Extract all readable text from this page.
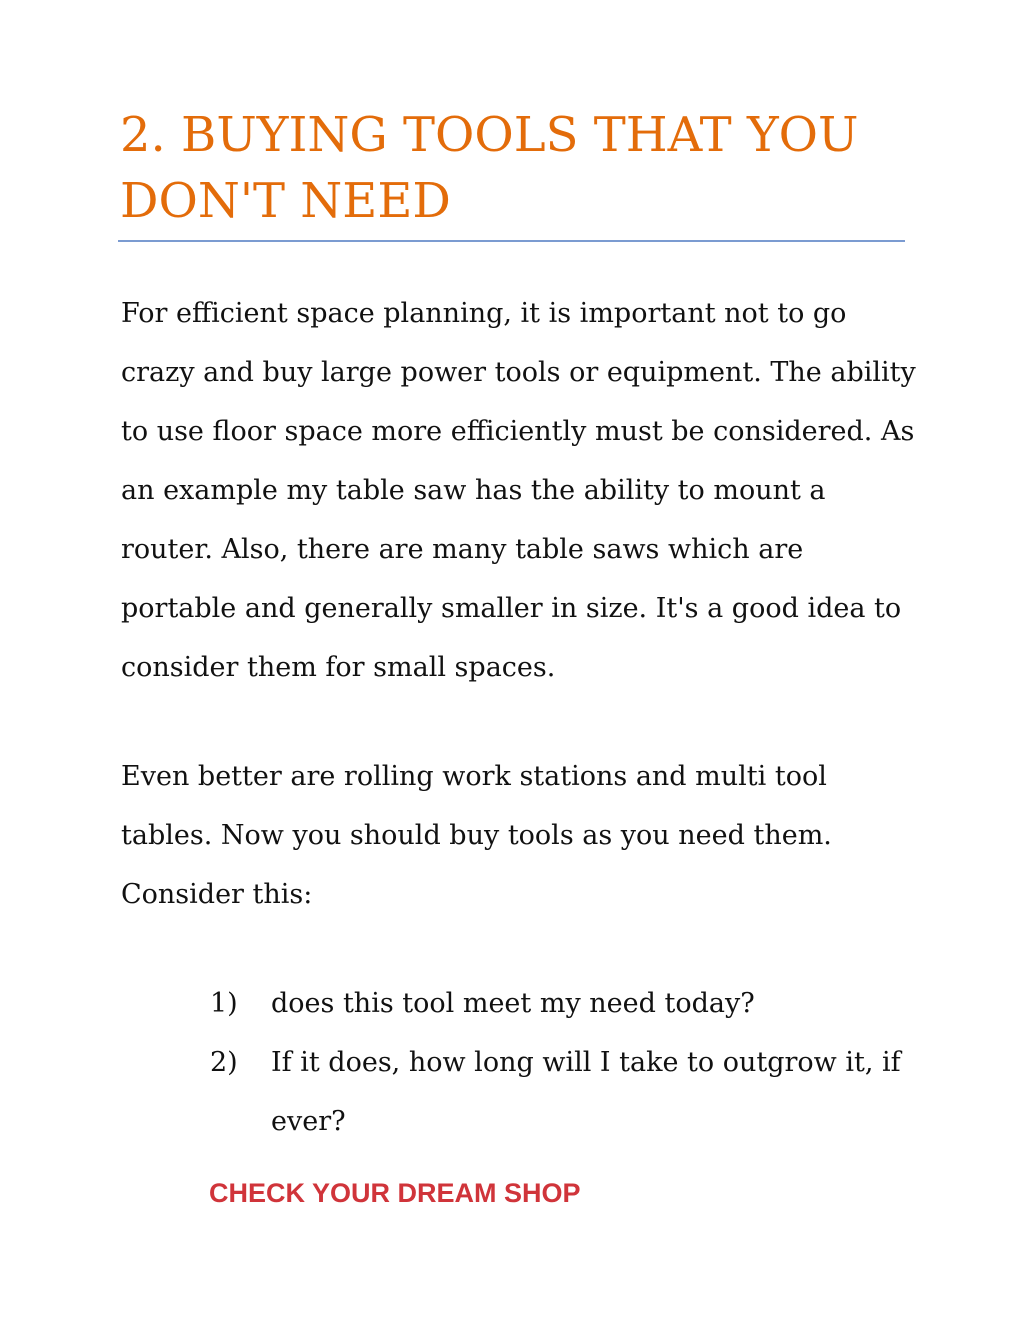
2. BUYING TOOLS THAT YOU DON'T NEED

For efficient space planning, it is important not to go crazy and buy large power tools or equipment. The ability to use floor space more efficiently must be considered. As an example my table saw has the ability to mount a router. Also, there are many table saws which are portable and generally smaller in size. It's a good idea to consider them for small spaces.

Even better are rolling work stations and multi tool tables. Now you should buy tools as you need them. Consider this:

1)	does this tool meet my need today?
2)	If it does, how long will I take to outgrow it, if ever?
CHECK YOUR DREAM SHOP
